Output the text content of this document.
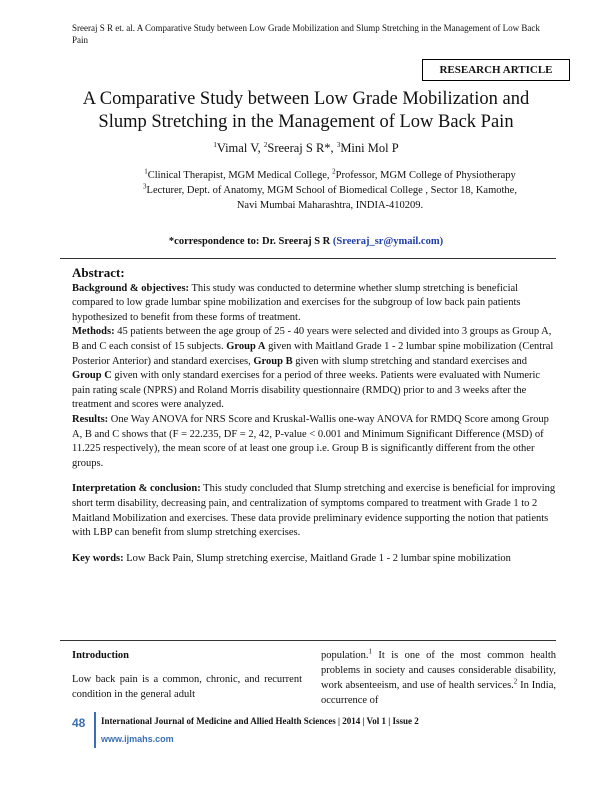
Sreeraj S R et. al. A Comparative Study between Low Grade Mobilization and Slump Stretching in the Management of Low Back Pain
RESEARCH ARTICLE
A Comparative Study between Low Grade Mobilization and Slump Stretching in the Management of Low Back Pain
$^1$Vimal V, $^2$Sreeraj S R*, $^3$Mini Mol P
$^1$Clinical Therapist, MGM Medical College, $^2$Professor, MGM College of Physiotherapy
$^3$Lecturer, Dept. of Anatomy, MGM School of Biomedical College , Sector 18, Kamothe,
Navi Mumbai Maharashtra, INDIA-410209.
*correspondence to: Dr. Sreeraj S R (Sreeraj_sr@ymail.com)
Abstract:

Background & objectives: This study was conducted to determine whether slump stretching is beneficial compared to low grade lumbar spine mobilization and exercises for the subgroup of low back pain patients hypothesized to benefit from these forms of treatment.

Methods: 45 patients between the age group of 25 - 40 years were selected and divided into 3 groups as Group A, B and C each consist of 15 subjects. Group A given with Maitland Grade 1 - 2 lumbar spine mobilization (Central Posterior Anterior) and standard exercises, Group B given with slump stretching and standard exercises and Group C given with only standard exercises for a period of three weeks. Patients were evaluated with Numeric pain rating scale (NPRS) and Roland Morris disability questionnaire (RMDQ) prior to and 3 weeks after the treatment and scores were analyzed.

Results: One Way ANOVA for NRS Score and Kruskal-Wallis one-way ANOVA for RMDQ Score among Group A, B and C shows that (F = 22.235, DF = 2, 42, P-value < 0.001 and Minimum Significant Difference (MSD) of 11.225 respectively), the mean score of at least one group i.e. Group B is significantly different from the other groups.

Interpretation & conclusion: This study concluded that Slump stretching and exercise is beneficial for improving short term disability, decreasing pain, and centralization of symptoms compared to treatment with Grade 1 to 2 Maitland Mobilization and exercises. These data provide preliminary evidence supporting the notion that patients with LBP can benefit from slump stretching exercises.

Key words: Low Back Pain, Slump stretching exercise, Maitland Grade 1 - 2 lumbar spine mobilization

Introduction
Low back pain is a common, chronic, and recurrent condition in the general adult
population.$^1$ It is one of the most common health problems in society and causes considerable disability, work absenteeism, and use of health services.$^2$ In India, occurrence of
48 International Journal of Medicine and Allied Health Sciences | 2014 | Vol 1 | Issue 2
www.ijmahs.com
